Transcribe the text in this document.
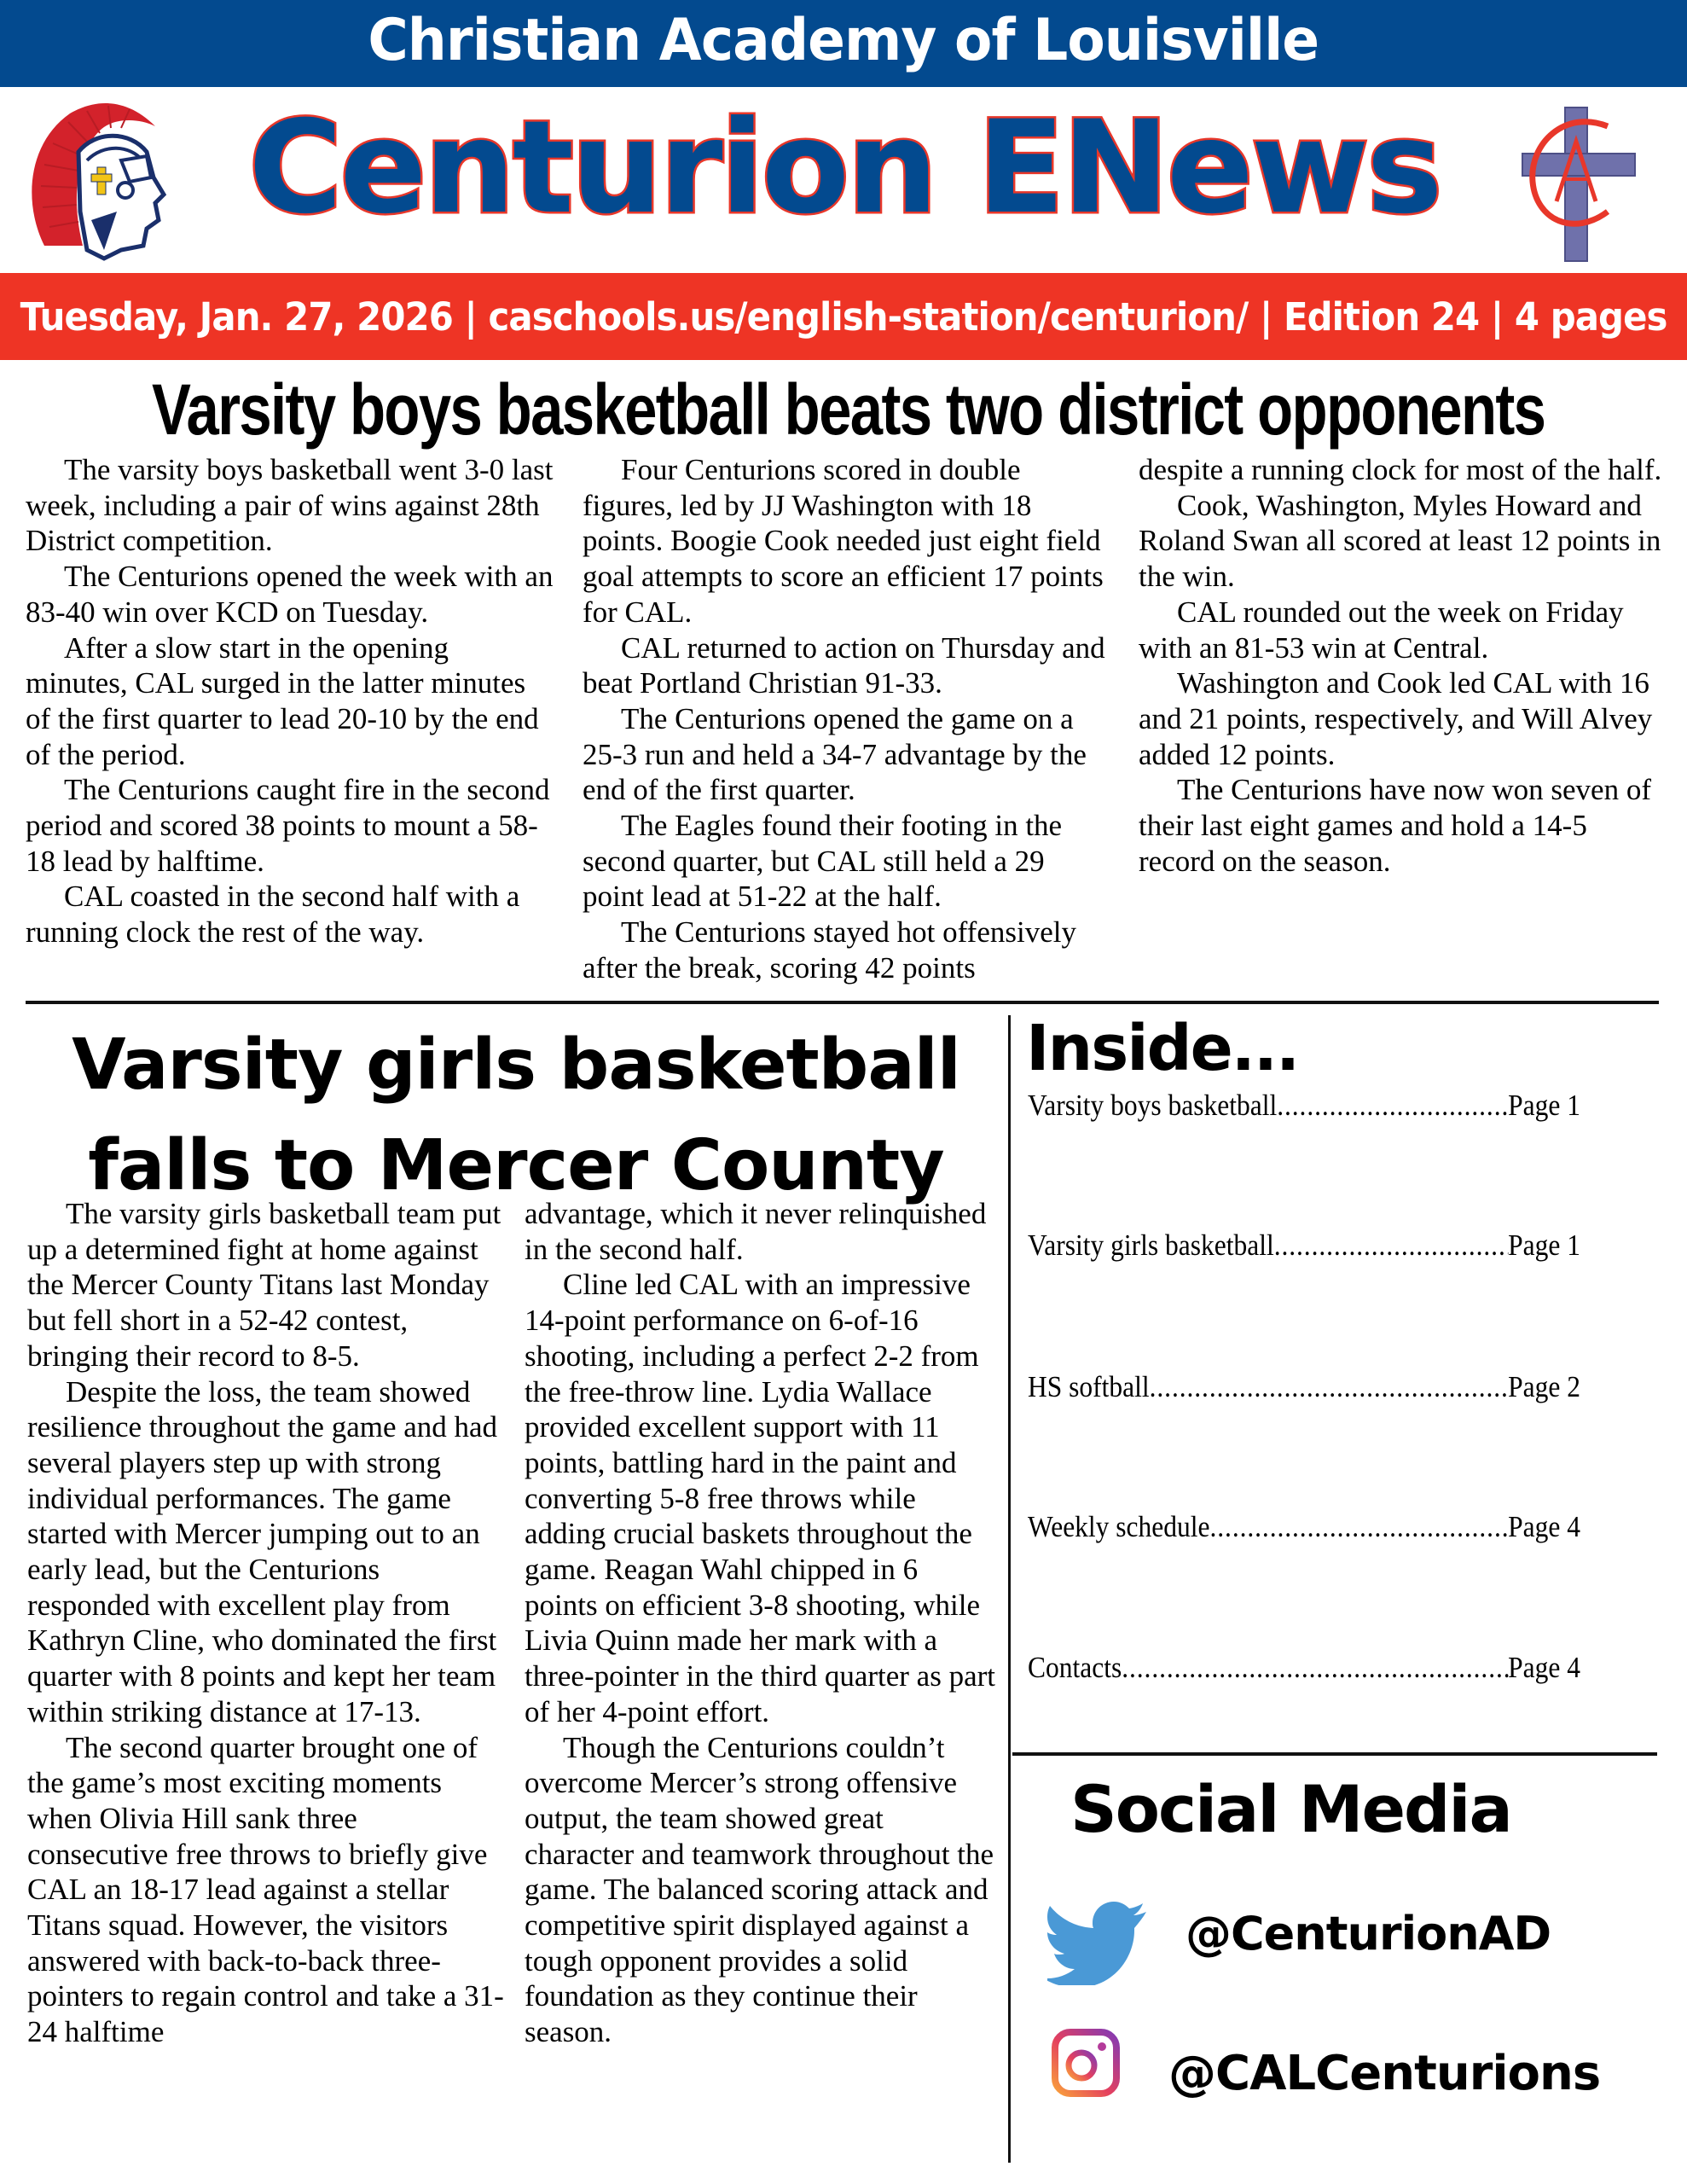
Christian Academy of Louisville
Centurion ENews
Tuesday, Jan. 27, 2026 | caschools.us/english-station/centurion/ | Edition 24 | 4 pages
Varsity boys basketball beats two district opponents

The varsity boys basketball went 3-0 last week, including a pair of wins against 28th District competition.

The Centurions opened the week with an 83-40 win over KCD on Tuesday.

After a slow start in the opening minutes, CAL surged in the latter minutes of the first quarter to lead 20-10 by the end of the period.

The Centurions caught fire in the second period and scored 38 points to mount a 58-18 lead by halftime.

CAL coasted in the second half with a running clock the rest of the way.

Four Centurions scored in double figures, led by JJ Washington with 18 points. Boogie Cook needed just eight field goal attempts to score an efficient 17 points for CAL.

CAL returned to action on Thursday and beat Portland Christian 91-33.

The Centurions opened the game on a 25-3 run and held a 34-7 advantage by the end of the first quarter.

The Eagles found their footing in the second quarter, but CAL still held a 29 point lead at 51-22 at the half.

The Centurions stayed hot offensively after the break, scoring 42 points

despite a running clock for most of the half.

Cook, Washington, Myles Howard and Roland Swan all scored at least 12 points in the win.

CAL rounded out the week on Friday with an 81-53 win at Central.

Washington and Cook led CAL with 16 and 21 points, respectively, and Will Alvey added 12 points.

The Centurions have now won seven of their last eight games and hold a 14-5 record on the season.

Varsity girls basketball
falls to Mercer County

The varsity girls basketball team put up a determined fight at home against the Mercer County Titans last Monday but fell short in a 52-42 contest, bringing their record to 8-5.

Despite the loss, the team showed resilience throughout the game and had several players step up with strong individual performances. The game started with Mercer jumping out to an early lead, but the Centurions responded with excellent play from Kathryn Cline, who dominated the first quarter with 8 points and kept her team within striking distance at 17-13.

The second quarter brought one of the game’s most exciting moments when Olivia Hill sank three consecutive free throws to briefly give CAL an 18-17 lead against a stellar Titans squad. However, the visitors answered with back-to-back three-pointers to regain control and take a 31-24 halftime

advantage, which it never relinquished in the second half.

Cline led CAL with an impressive 14-point performance on 6-of-16 shooting, including a perfect 2-2 from the free-throw line. Lydia Wallace provided excellent support with 11 points, battling hard in the paint and converting 5-8 free throws while adding crucial baskets throughout the game. Reagan Wahl chipped in 6 points on efficient 3-8 shooting, while Livia Quinn made her mark with a three-pointer in the third quarter as part of her 4-point effort.

Though the Centurions couldn’t overcome Mercer’s strong offensive output, the team showed great character and teamwork throughout the game. The balanced scoring attack and competitive spirit displayed against a tough opponent provides a solid foundation as they continue their season.

Inside...
Varsity boys basketball .....	Page 1
Varsity girls basketball .....	Page 1
HS softball .....	Page 2
Weekly schedule .....	Page 4
Contacts .....	Page 4
Social Media
@CenturionAD
@CALCenturions
